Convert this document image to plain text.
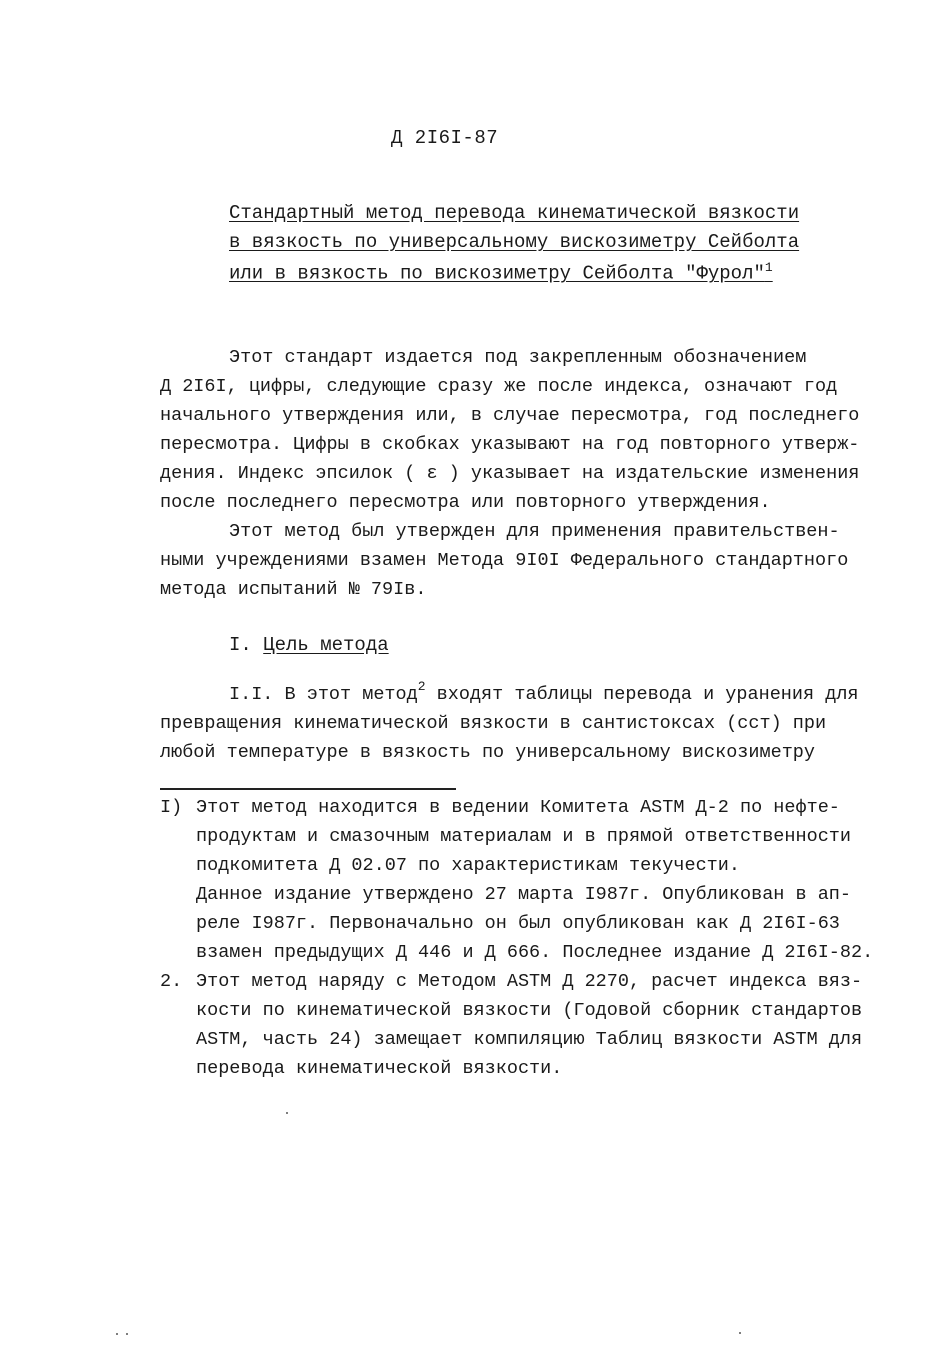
Д 2I6I-87
Стандартный метод перевода кинематической вязкости
в вязкость по универсальному вискозиметру Сейболта
или в вязкость по вискозиметру Сейболта "Фурол"$^1$
Этот стандарт издается под закрепленным обозначением
Д 2I6I, цифры, следующие сразу же после индекса, означают год
начального утверждения или, в случае пересмотра, год последнего
пересмотра. Цифры в скобках указывают на год повторного утверж-
дения. Индекс эпсилок ( ε ) указывает на издательские изменения
после последнего пересмотра или повторного утверждения.
Этот метод был утвержден для применения правительствен-
ными учреждениями взамен Метода 9I0I Федерального стандартного
метода испытаний № 79Iв.
I. Цель метода
I.I. В этот метод$^2$ входят таблицы перевода и уранения для
превращения кинематической вязкости в сантистоксах (сст) при
любой температуре в вязкость по универсальному вискозиметру
I) Этот метод находится в ведении Комитета ASTM Д-2 по нефте-
продуктам и смазочным материалам и в прямой ответственности
подкомитета Д 02.07 по характеристикам текучести.
Данное издание утверждено 27 марта I987г. Опубликован в ап-
реле I987г. Первоначально он был опубликован как Д 2I6I-63
взамен предыдущих Д 446 и Д 666. Последнее издание Д 2I6I-82.
2. Этот метод наряду с Методом ASTM Д 2270, расчет индекса вяз-
кости по кинематической вязкости (Годовой сборник стандартов
ASTM, часть 24) замещает компиляцию Таблиц вязкости ASTM для
перевода кинематической вязкости.
